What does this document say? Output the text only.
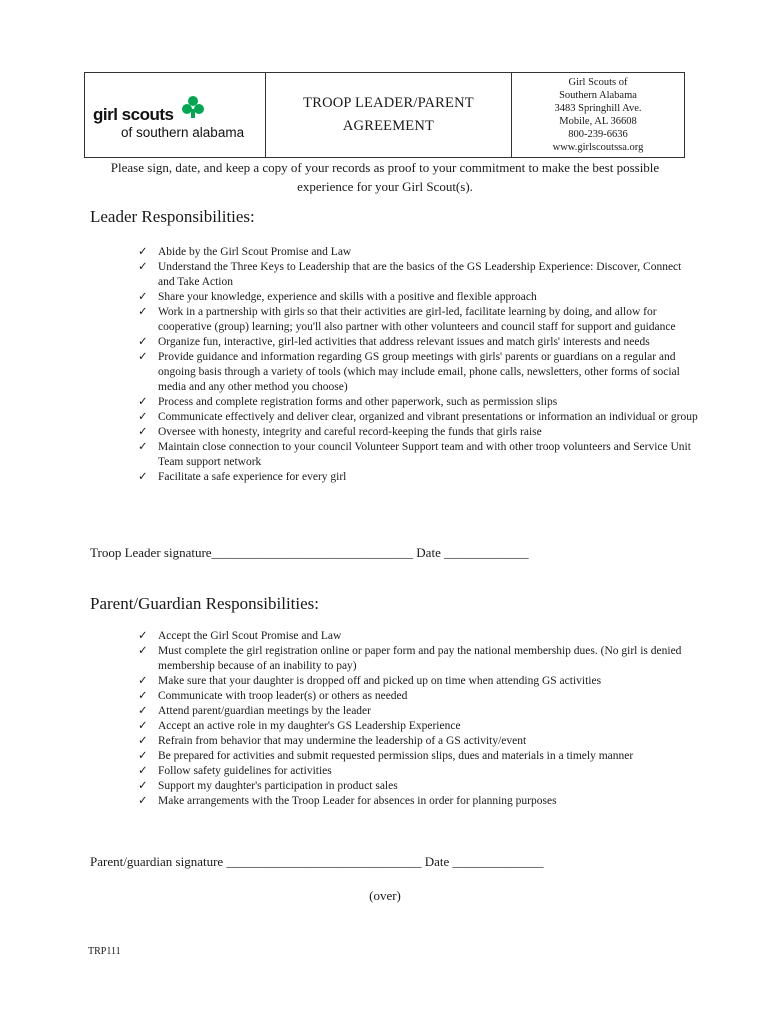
girl scouts
of southern alabama
TROOP LEADER/PARENT
AGREEMENT
Girl Scouts of
Southern Alabama
3483 Springhill Ave.
Mobile, AL 36608
800-239-6636
www.girlscoutssa.org
Please sign, date, and keep a copy of your records as proof to your commitment to make the best possible experience for your Girl Scout(s).
Leader Responsibilities:
✓ Abide by the Girl Scout Promise and Law
✓ Understand the Three Keys to Leadership that are the basics of the GS Leadership Experience: Discover, Connect and Take Action
✓ Share your knowledge, experience and skills with a positive and flexible approach
✓ Work in a partnership with girls so that their activities are girl-led, facilitate learning by doing, and allow for cooperative (group) learning; you'll also partner with other volunteers and council staff for support and guidance
✓ Organize fun, interactive, girl-led activities that address relevant issues and match girls' interests and needs
✓ Provide guidance and information regarding GS group meetings with girls' parents or guardians on a regular and ongoing basis through a variety of tools (which may include email, phone calls, newsletters, other forms of social media and any other method you choose)
✓ Process and complete registration forms and other paperwork, such as permission slips
✓ Communicate effectively and deliver clear, organized and vibrant presentations or information an individual or group
✓ Oversee with honesty, integrity and careful record-keeping the funds that girls raise
✓ Maintain close connection to your council Volunteer Support team and with other troop volunteers and Service Unit Team support network
✓ Facilitate a safe experience for every girl
Troop Leader signature_______________________________ Date _____________
Parent/Guardian Responsibilities:
✓ Accept the Girl Scout Promise and Law
✓ Must complete the girl registration online or paper form and pay the national membership dues. (No girl is denied membership because of an inability to pay)
✓ Make sure that your daughter is dropped off and picked up on time when attending GS activities
✓ Communicate with troop leader(s) or others as needed
✓ Attend parent/guardian meetings by the leader
✓ Accept an active role in my daughter's GS Leadership Experience
✓ Refrain from behavior that may undermine the leadership of a GS activity/event
✓ Be prepared for activities and submit requested permission slips, dues and materials in a timely manner
✓ Follow safety guidelines for activities
✓ Support my daughter's participation in product sales
✓ Make arrangements with the Troop Leader for absences in order for planning purposes
Parent/guardian signature ______________________________ Date ______________
(over)
TRP111
